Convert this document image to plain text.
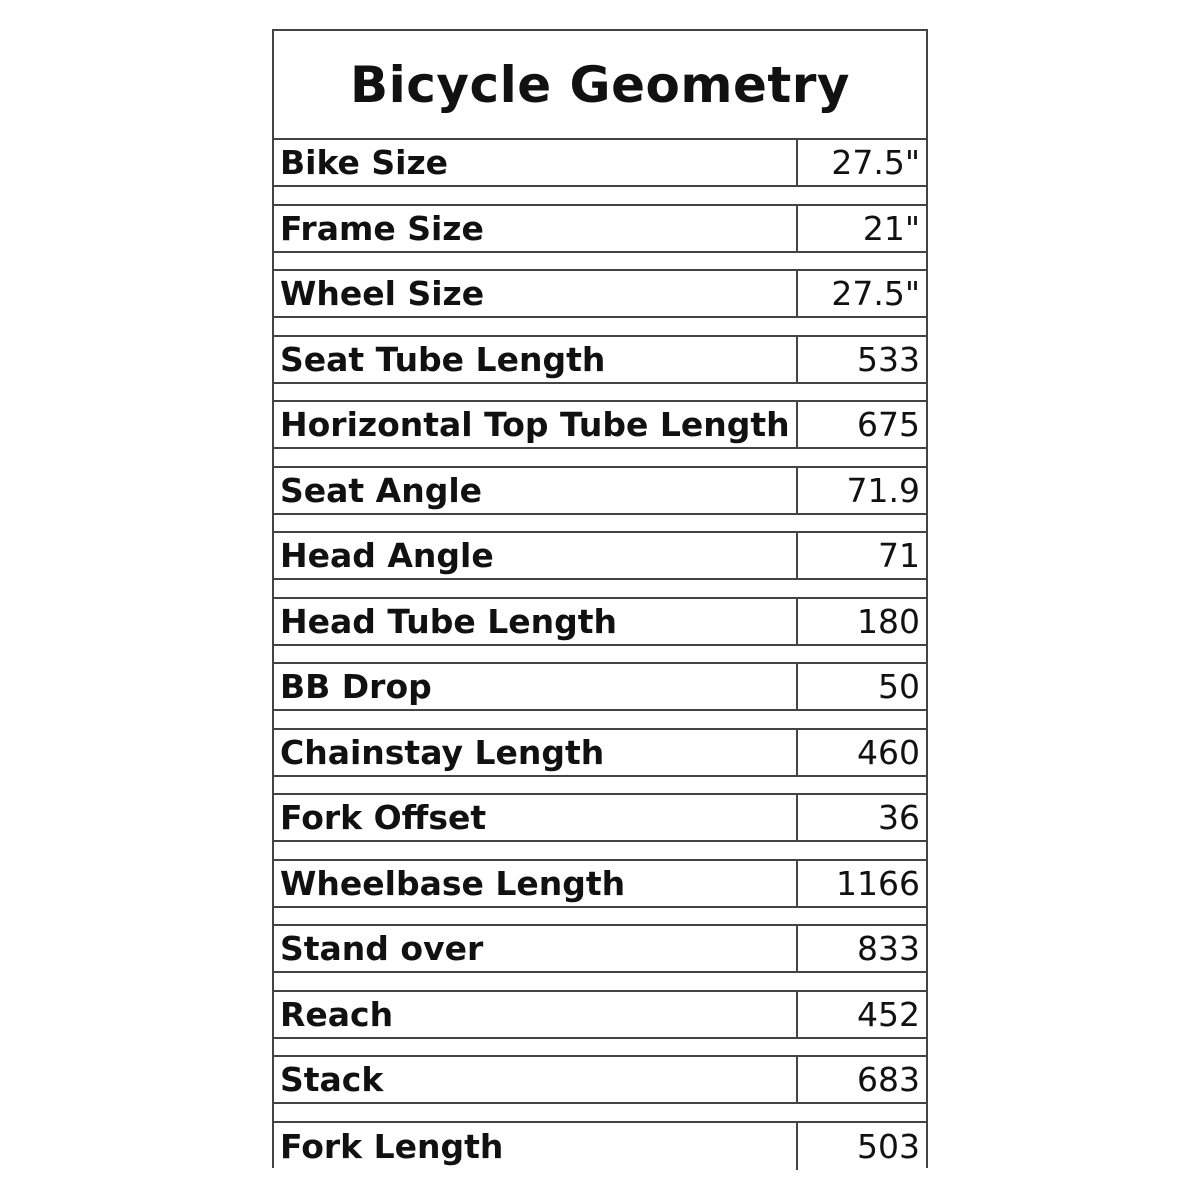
Bicycle Geometry
Bike Size	27.5"
Frame Size	21"
Wheel Size	27.5"
Seat Tube Length	533
Horizontal Top Tube Length	675
Seat Angle	71.9
Head Angle	71
Head Tube Length	180
BB Drop	50
Chainstay Length	460
Fork Offset	36
Wheelbase Length	1166
Stand over	833
Reach	452
Stack	683
Fork Length	503
